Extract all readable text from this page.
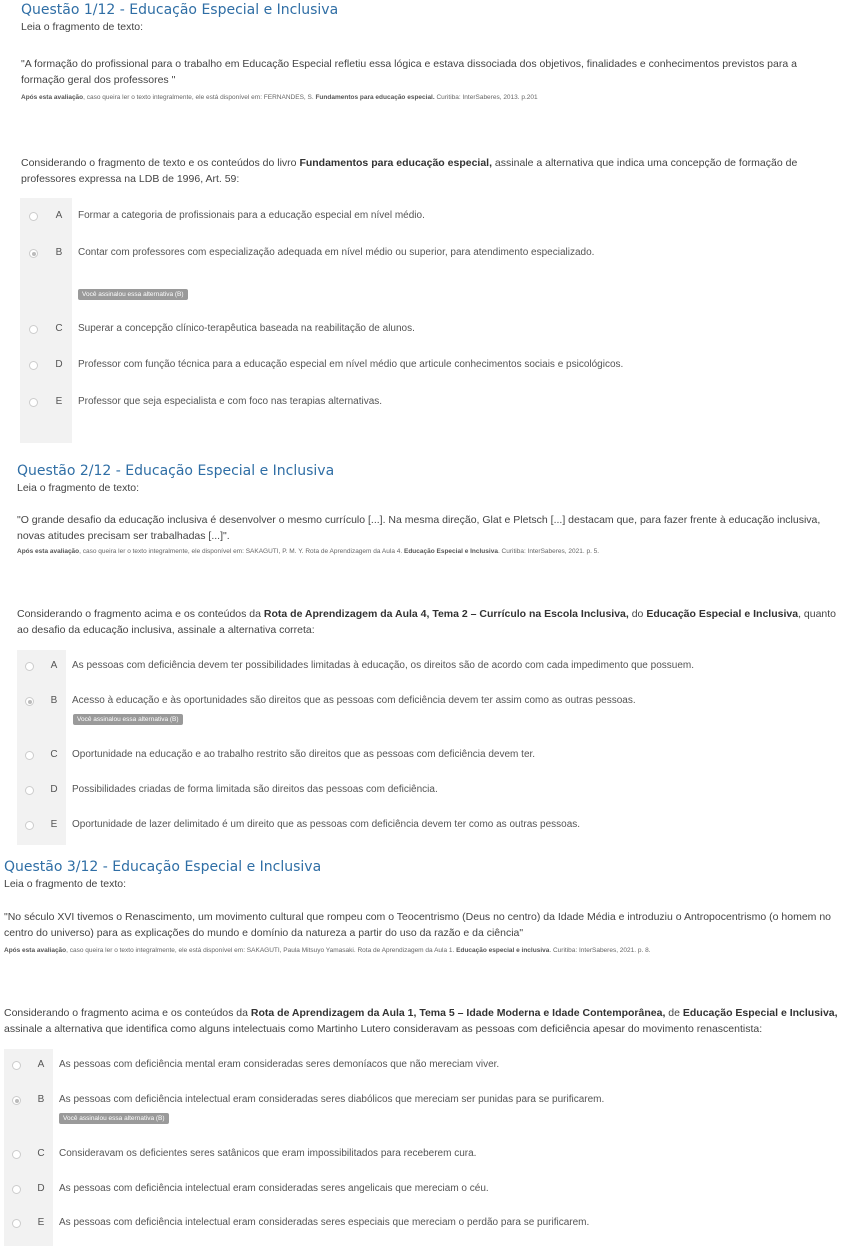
Questão 1/12 - Educação Especial e Inclusiva

Leia o fragmento de texto:

"A formação do profissional para o trabalho em Educação Especial refletiu essa lógica e estava dissociada dos objetivos, finalidades e conhecimentos previstos para a formação geral dos professores "

Após esta avaliação, caso queira ler o texto integralmente, ele está disponível em: FERNANDES, S. Fundamentos para educação especial. Curitiba: InterSaberes, 2013. p.201

Considerando o fragmento de texto e os conteúdos do livro Fundamentos para educação especial, assinale a alternativa que indica uma concepção de formação de professores expressa na LDB de 1996, Art. 59:

A Formar a categoria de profissionais para a educação especial em nível médio.
B Contar com professores com especialização adequada em nível médio ou superior, para atendimento especializado.
Você assinalou essa alternativa (B)
C Superar a concepção clínico-terapêutica baseada na reabilitação de alunos.
D Professor com função técnica para a educação especial em nível médio que articule conhecimentos sociais e psicológicos.
E Professor que seja especialista e com foco nas terapias alternativas.
Questão 2/12 - Educação Especial e Inclusiva

Leia o fragmento de texto:

"O grande desafio da educação inclusiva é desenvolver o mesmo currículo [...]. Na mesma direção, Glat e Pletsch [...] destacam que, para fazer frente à educação inclusiva, novas atitudes precisam ser trabalhadas [...]".

Após esta avaliação, caso queira ler o texto integralmente, ele disponível em: SAKAGUTI, P. M. Y. Rota de Aprendizagem da Aula 4. Educação Especial e Inclusiva. Curitiba: InterSaberes, 2021. p. 5.

Considerando o fragmento acima e os conteúdos da Rota de Aprendizagem da Aula 4, Tema 2 – Currículo na Escola Inclusiva, do Educação Especial e Inclusiva, quanto ao desafio da educação inclusiva, assinale a alternativa correta:

A As pessoas com deficiência devem ter possibilidades limitadas à educação, os direitos são de acordo com cada impedimento que possuem.
B Acesso à educação e às oportunidades são direitos que as pessoas com deficiência devem ter assim como as outras pessoas.
Você assinalou essa alternativa (B)
C Oportunidade na educação e ao trabalho restrito são direitos que as pessoas com deficiência devem ter.
D Possibilidades criadas de forma limitada são direitos das pessoas com deficiência.
E Oportunidade de lazer delimitado é um direito que as pessoas com deficiência devem ter como as outras pessoas.
Questão 3/12 - Educação Especial e Inclusiva

Leia o fragmento de texto:

"No século XVI tivemos o Renascimento, um movimento cultural que rompeu com o Teocentrismo (Deus no centro) da Idade Média e introduziu o Antropocentrismo (o homem no centro do universo) para as explicações do mundo e domínio da natureza a partir do uso da razão e da ciência"

Após esta avaliação, caso queira ler o texto integralmente, ele está disponível em: SAKAGUTI, Paula Mitsuyo Yamasaki. Rota de Aprendizagem da Aula 1. Educação especial e inclusiva. Curitiba: InterSaberes, 2021. p. 8.

Considerando o fragmento acima e os conteúdos da Rota de Aprendizagem da Aula 1, Tema 5 – Idade Moderna e Idade Contemporânea, de Educação Especial e Inclusiva, assinale a alternativa que identifica como alguns intelectuais como Martinho Lutero consideravam as pessoas com deficiência apesar do movimento renascentista:

A As pessoas com deficiência mental eram consideradas seres demoníacos que não mereciam viver.
B As pessoas com deficiência intelectual eram consideradas seres diabólicos que mereciam ser punidas para se purificarem.
Você assinalou essa alternativa (B)
C Consideravam os deficientes seres satânicos que eram impossibilitados para receberem cura.
D As pessoas com deficiência intelectual eram consideradas seres angelicais que mereciam o céu.
E As pessoas com deficiência intelectual eram consideradas seres especiais que mereciam o perdão para se purificarem.
